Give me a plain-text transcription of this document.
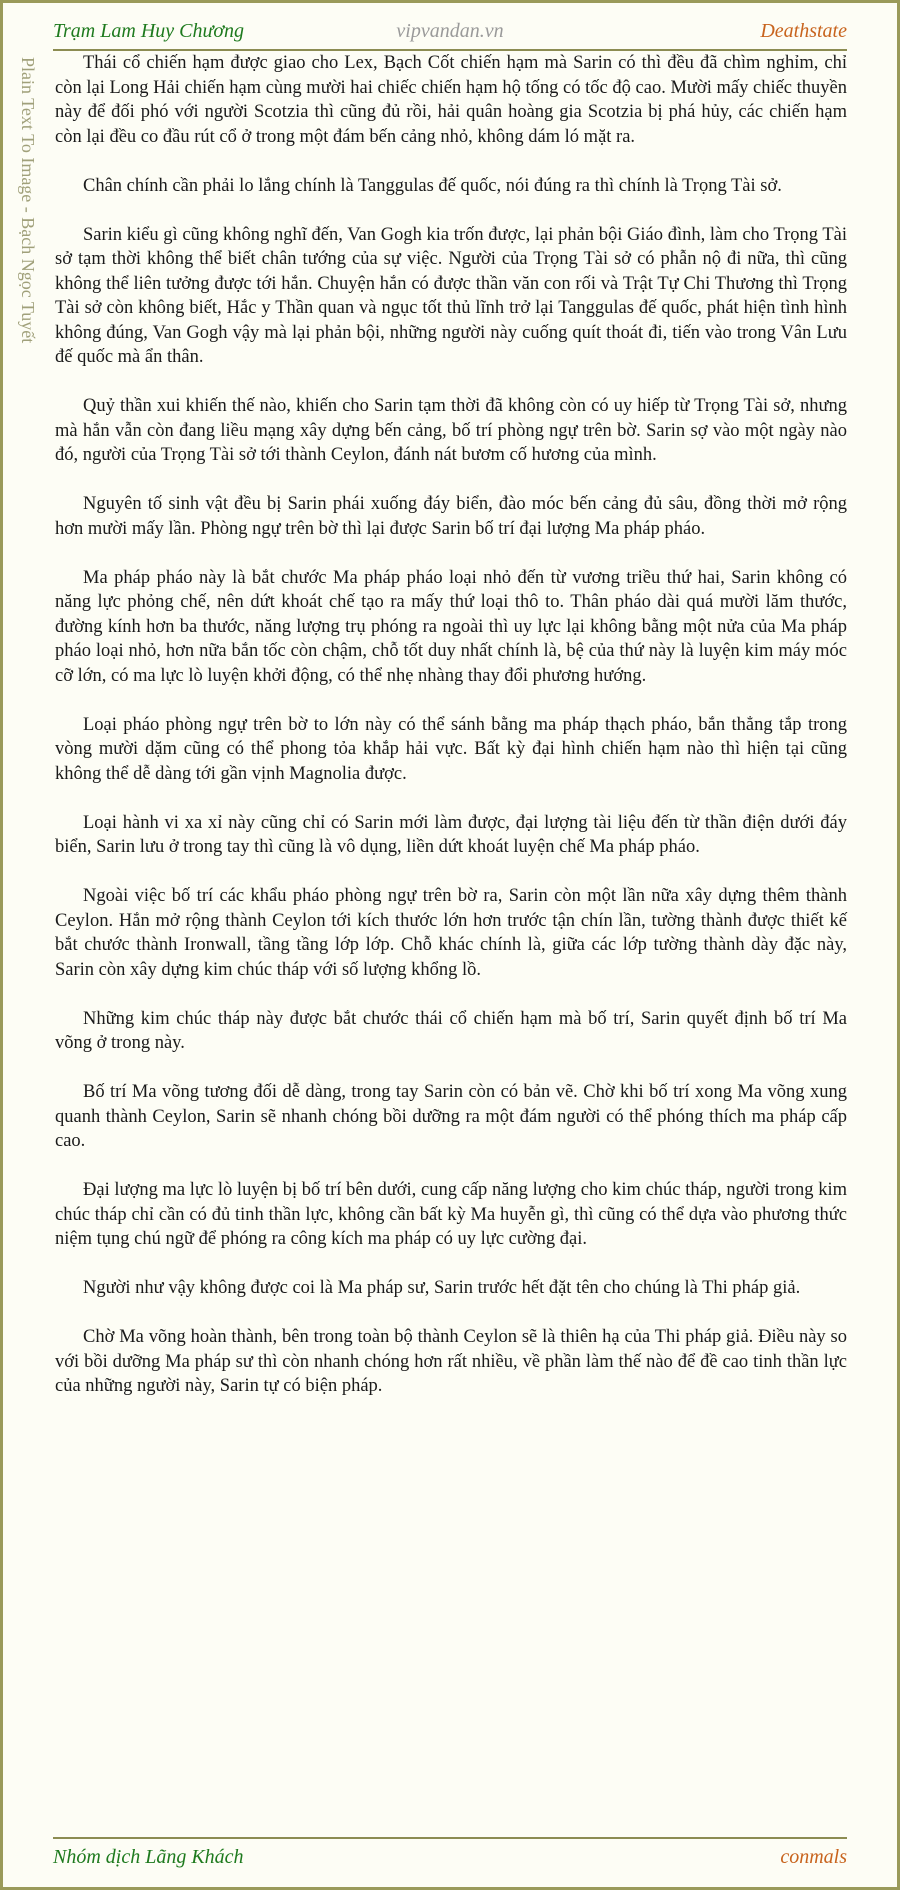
Trạm Lam Huy Chương	vipvandan.vn	Deathstate
Plain Text To Image - Bạch Ngọc Tuyết	Thái cổ chiến hạm được giao cho Lex, Bạch Cốt chiến hạm mà Sarin có thì đều đã chìm nghỉm, chỉ còn lại Long Hải chiến hạm cùng mười hai chiếc chiến hạm hộ tống có tốc độ cao. Mười mấy chiếc thuyền này để đối phó với người Scotzia thì cũng đủ rồi, hải quân hoàng gia Scotzia bị phá hủy, các chiến hạm còn lại đều co đầu rút cổ ở trong một đám bến cảng nhỏ, không dám ló mặt ra.

Chân chính cần phải lo lắng chính là Tanggulas đế quốc, nói đúng ra thì chính là Trọng Tài sở.

Sarin kiểu gì cũng không nghĩ đến, Van Gogh kia trốn được, lại phản bội Giáo đình, làm cho Trọng Tài sở tạm thời không thể biết chân tướng của sự việc. Người của Trọng Tài sở có phẫn nộ đi nữa, thì cũng không thể liên tưởng được tới hắn. Chuyện hắn có được thần văn con rối và Trật Tự Chi Thương thì Trọng Tài sở còn không biết, Hắc y Thần quan và ngục tốt thủ lĩnh trở lại Tanggulas đế quốc, phát hiện tình hình không đúng, Van Gogh vậy mà lại phản bội, những người này cuống quít thoát đi, tiến vào trong Vân Lưu đế quốc mà ẩn thân.

Quỷ thần xui khiến thế nào, khiến cho Sarin tạm thời đã không còn có uy hiếp từ Trọng Tài sở, nhưng mà hắn vẫn còn đang liều mạng xây dựng bến cảng, bố trí phòng ngự trên bờ. Sarin sợ vào một ngày nào đó, người của Trọng Tài sở tới thành Ceylon, đánh nát bươm cố hương của mình.

Nguyên tố sinh vật đều bị Sarin phái xuống đáy biển, đào móc bến cảng đủ sâu, đồng thời mở rộng hơn mười mấy lần. Phòng ngự trên bờ thì lại được Sarin bố trí đại lượng Ma pháp pháo.

Ma pháp pháo này là bắt chước Ma pháp pháo loại nhỏ đến từ vương triều thứ hai, Sarin không có năng lực phỏng chế, nên dứt khoát chế tạo ra mấy thứ loại thô to. Thân pháo dài quá mười lăm thước, đường kính hơn ba thước, năng lượng trụ phóng ra ngoài thì uy lực lại không bằng một nửa của Ma pháp pháo loại nhỏ, hơn nữa bắn tốc còn chậm, chỗ tốt duy nhất chính là, bệ của thứ này là luyện kim máy móc cỡ lớn, có ma lực lò luyện khởi động, có thể nhẹ nhàng thay đổi phương hướng.

Loại pháo phòng ngự trên bờ to lớn này có thể sánh bằng ma pháp thạch pháo, bắn thẳng tắp trong vòng mười dặm cũng có thể phong tỏa khắp hải vực. Bất kỳ đại hình chiến hạm nào thì hiện tại cũng không thể dễ dàng tới gần vịnh Magnolia được.

Loại hành vi xa xỉ này cũng chỉ có Sarin mới làm được, đại lượng tài liệu đến từ thần điện dưới đáy biển, Sarin lưu ở trong tay thì cũng là vô dụng, liền dứt khoát luyện chế Ma pháp pháo.

Ngoài việc bố trí các khẩu pháo phòng ngự trên bờ ra, Sarin còn một lần nữa xây dựng thêm thành Ceylon. Hắn mở rộng thành Ceylon tới kích thước lớn hơn trước tận chín lần, tường thành được thiết kế bắt chước thành Ironwall, tầng tầng lớp lớp. Chỗ khác chính là, giữa các lớp tường thành dày đặc này, Sarin còn xây dựng kim chúc tháp với số lượng khổng lồ.

Những kim chúc tháp này được bắt chước thái cổ chiến hạm mà bố trí, Sarin quyết định bố trí Ma võng ở trong này.

Bố trí Ma võng tương đối dễ dàng, trong tay Sarin còn có bản vẽ. Chờ khi bố trí xong Ma võng xung quanh thành Ceylon, Sarin sẽ nhanh chóng bồi dưỡng ra một đám người có thể phóng thích ma pháp cấp cao.

Đại lượng ma lực lò luyện bị bố trí bên dưới, cung cấp năng lượng cho kim chúc tháp, người trong kim chúc tháp chỉ cần có đủ tinh thần lực, không cần bất kỳ Ma huyễn gì, thì cũng có thể dựa vào phương thức niệm tụng chú ngữ để phóng ra công kích ma pháp có uy lực cường đại.

Người như vậy không được coi là Ma pháp sư, Sarin trước hết đặt tên cho chúng là Thi pháp giả.

Chờ Ma võng hoàn thành, bên trong toàn bộ thành Ceylon sẽ là thiên hạ của Thi pháp giả. Điều này so với bồi dưỡng Ma pháp sư thì còn nhanh chóng hơn rất nhiều, về phần làm thế nào để đề cao tinh thần lực của những người này, Sarin tự có biện pháp.

Nhóm dịch Lãng Khách	conmals
